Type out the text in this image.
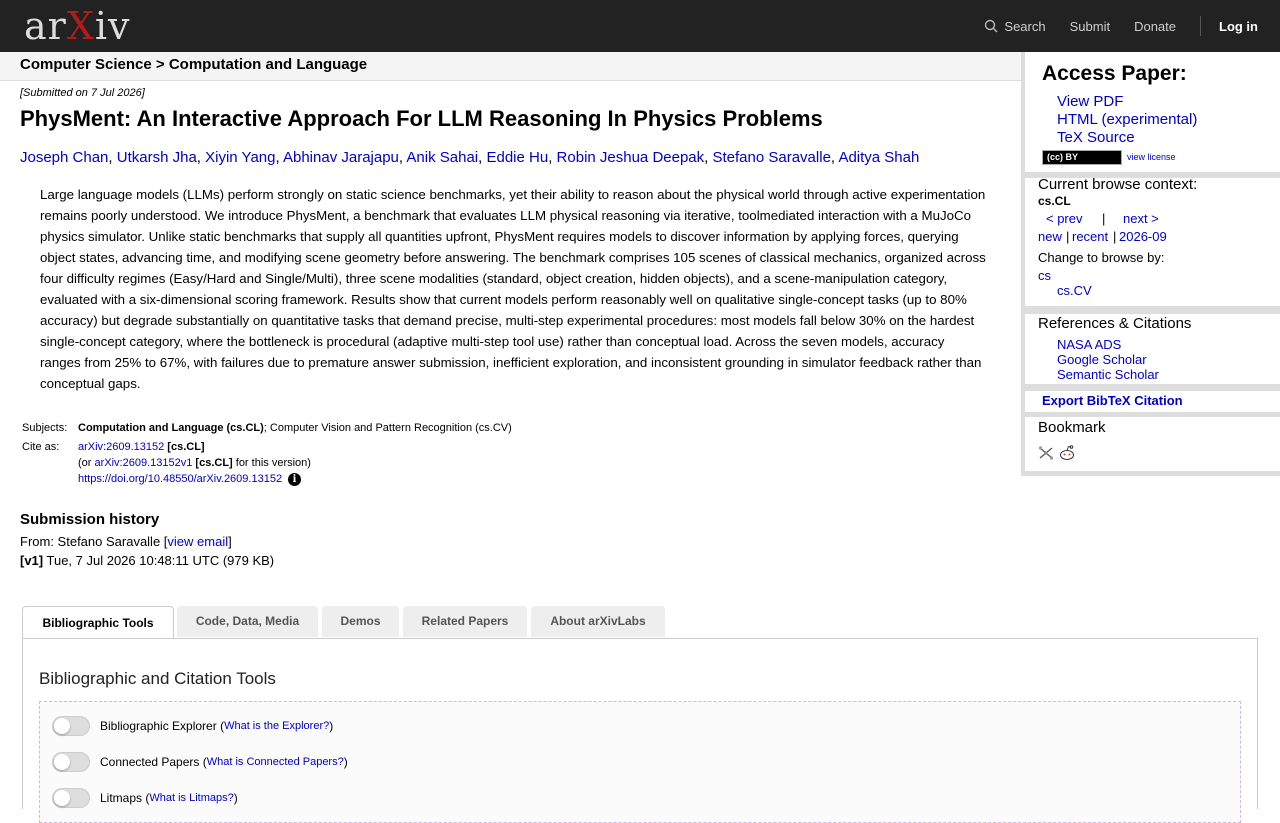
arXiv	Search Submit Donate	Log in
Computer Science > Computation and Language
[Submitted on 7 Jul 2026]
PhysMent: An Interactive Approach For LLM Reasoning In Physics Problems
Joseph Chan, Utkarsh Jha, Xiyin Yang, Abhinav Jarajapu, Anik Sahai, Eddie Hu, Robin Jeshua Deepak, Stefano Saravalle, Aditya Shah
Large language models (LLMs) perform strongly on static science benchmarks, yet their ability to reason about the physical world through active experimentation remains poorly understood. We introduce PhysMent, a benchmark that evaluates LLM physical reasoning via iterative, toolmediated interaction with a MuJoCo physics simulator. Unlike static benchmarks that supply all quantities upfront, PhysMent requires models to discover information by applying forces, querying object states, advancing time, and modifying scene geometry before answering. The benchmark comprises 105 scenes of classical mechanics, organized across four difficulty regimes (Easy/Hard and Single/Multi), three scene modalities (standard, object creation, hidden objects), and a scene-manipulation category, evaluated with a six-dimensional scoring framework. Results show that current models perform reasonably well on qualitative single-concept tasks (up to 80% accuracy) but degrade substantially on quantitative tasks that demand precise, multi-step experimental procedures: most models fall below 30% on the hardest single-concept category, where the bottleneck is procedural (adaptive multi-step tool use) rather than conceptual load. Across the seven models, accuracy ranges from 25% to 67%, with failures due to premature answer submission, inefficient exploration, and inconsistent grounding in simulator feedback rather than conceptual gaps.
Subjects:	Computation and Language (cs.CL); Computer Vision and Pattern Recognition (cs.CV)
Cite as:	arXiv:2609.13152 [cs.CL]
(or arXiv:2609.13152v1 [cs.CL] for this version)
https://doi.org/10.48550/arXiv.2609.13152 i
Submission history
From: Stefano Saravalle [view email]
[v1] Tue, 7 Jul 2026 10:48:11 UTC (979 KB)
Access Paper:
View PDF
HTML (experimental)
TeX Source
(cc) BY	view license
Current browse context:
cs.CL
< prev | next >
new | recent | 2026-09
Change to browse by:
cs
cs.CV
References & Citations
NASA ADS
Google Scholar
Semantic Scholar
Export BibTeX Citation
Bookmark
Bibliographic Tools	Code, Data, Media	Demos	Related Papers	About arXivLabs
Bibliographic and Citation Tools
Bibliographic Explorer ( What is the Explorer? )
Connected Papers ( What is Connected Papers? )
Litmaps ( What is Litmaps? )
